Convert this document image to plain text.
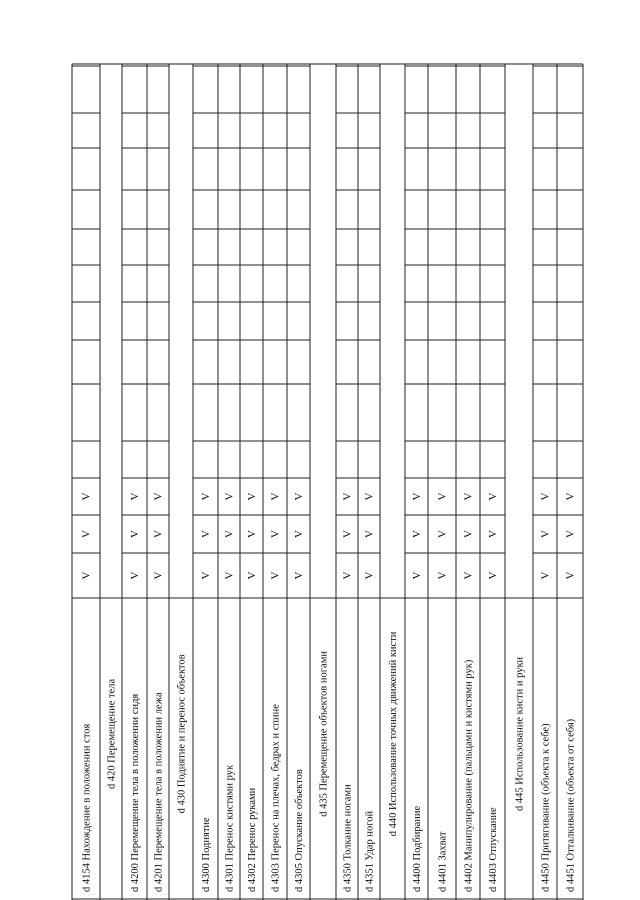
d 4154 Нахождение в положении стоя
V
V
V
d 420 Перемещение тела d 4200 Перемещение тела в положении сидя
V
V
V
d 4201 Перемещение тела в положении лежа
V
V
V
d 430 Поднятие и перенос объектов
d 4300 Поднятие
V
V
V
d 4301 Перенос кистями рук
V
V
V
d 4302 Перенос руками
V
V
V
d 4303 Перенос на плечах, бедрах и спине
V
V
V
d 4305 Опускание объектов
V
V
V
d 435 Перемещение объектов ногами
d 4350 Толкание ногами
V
V
V
d 4351 Удар ногой
V
V
V
d 440 Использование точных движений кисти
d 4400 Подбирание
V
V
V
d 4401 Захват
V
V
V
d 4402 Манипулирование (пальцами и кистями рук)
V
V
V
d 4403 Отпускание
V
V
V
d 445 Использование кисти и руки d 4450 Притягивание (объекта к себе)
V
V
V
d 4451 Отталкивание (объекта от себя)
V
V
V
